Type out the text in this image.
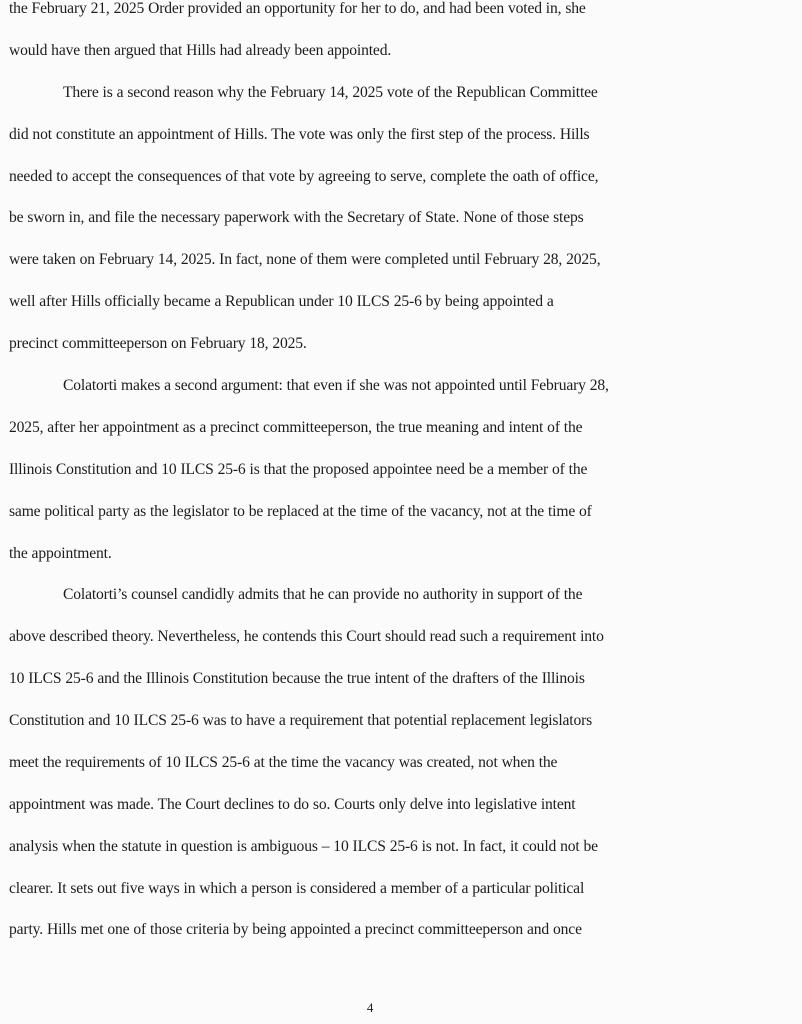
the February 21, 2025 Order provided an opportunity for her to do, and had been voted in, she
would have then argued that Hills had already been appointed.
There is a second reason why the February 14, 2025 vote of the Republican Committee
did not constitute an appointment of Hills. The vote was only the first step of the process. Hills
needed to accept the consequences of that vote by agreeing to serve, complete the oath of office,
be sworn in, and file the necessary paperwork with the Secretary of State. None of those steps
were taken on February 14, 2025. In fact, none of them were completed until February 28, 2025,
well after Hills officially became a Republican under 10 ILCS 25-6 by being appointed a
precinct committeeperson on February 18, 2025.
Colatorti makes a second argument: that even if she was not appointed until February 28,
2025, after her appointment as a precinct committeeperson, the true meaning and intent of the
Illinois Constitution and 10 ILCS 25-6 is that the proposed appointee need be a member of the
same political party as the legislator to be replaced at the time of the vacancy, not at the time of
the appointment.
Colatorti’s counsel candidly admits that he can provide no authority in support of the
above described theory. Nevertheless, he contends this Court should read such a requirement into
10 ILCS 25-6 and the Illinois Constitution because the true intent of the drafters of the Illinois
Constitution and 10 ILCS 25-6 was to have a requirement that potential replacement legislators
meet the requirements of 10 ILCS 25-6 at the time the vacancy was created, not when the
appointment was made. The Court declines to do so. Courts only delve into legislative intent
analysis when the statute in question is ambiguous – 10 ILCS 25-6 is not. In fact, it could not be
clearer. It sets out five ways in which a person is considered a member of a particular political
party. Hills met one of those criteria by being appointed a precinct committeeperson and once
4
